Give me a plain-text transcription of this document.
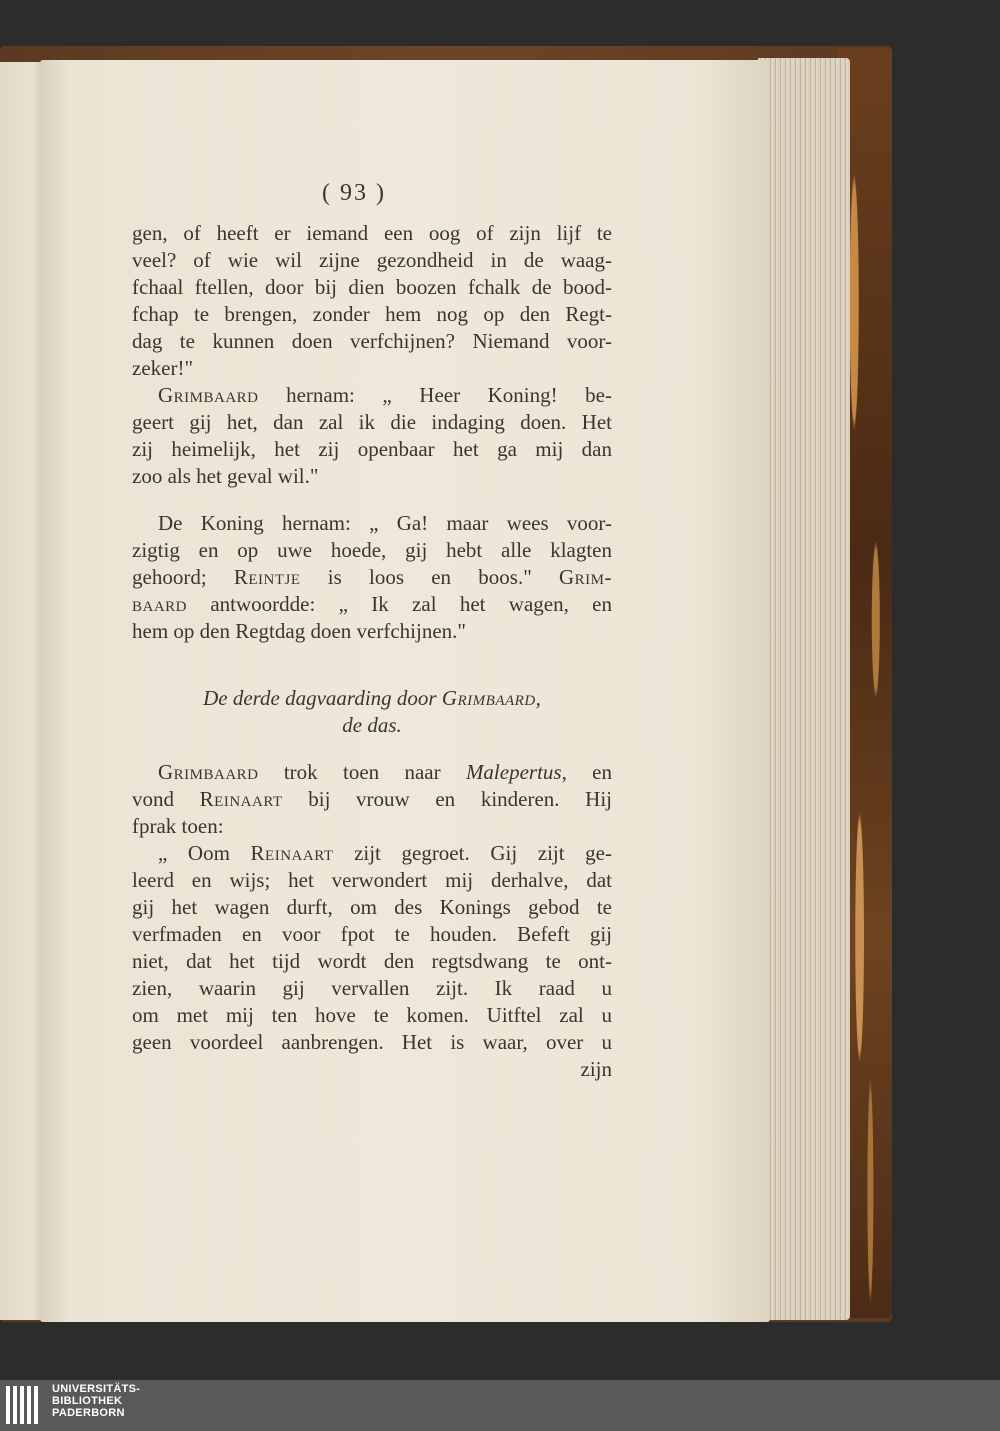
( 93 )
gen, of heeft er iemand een oog of zijn lijf te
veel? of wie wil zijne gezondheid in de waag-
fchaal ftellen, door bij dien boozen fchalk de bood-
fchap te brengen, zonder hem nog op den Regt-
dag te kunnen doen verfchijnen? Niemand voor-
zeker!"
Grimbaard hernam: „ Heer Koning! be-
geert gij het, dan zal ik die indaging doen. Het
zij heimelijk, het zij openbaar het ga mij dan
zoo als het geval wil."
De Koning hernam: „ Ga! maar wees voor-
zigtig en op uwe hoede, gij hebt alle klagten
gehoord; Reintje is loos en boos." Grim-
baard antwoordde: „ Ik zal het wagen, en
hem op den Regtdag doen verfchijnen."
De derde dagvaarding door Grimbaard,
de das.
Grimbaard trok toen naar Malepertus, en
vond Reinaart bij vrouw en kinderen. Hij
fprak toen:
„ Oom Reinaart zijt gegroet. Gij zijt ge-
leerd en wijs; het verwondert mij derhalve, dat
gij het wagen durft, om des Konings gebod te
verfmaden en voor fpot te houden. Befeft gij
niet, dat het tijd wordt den regtsdwang te ont-
zien, waarin gij vervallen zijt. Ik raad u
om met mij ten hove te komen. Uitftel zal u
geen voordeel aanbrengen. Het is waar, over u
zijn
UNIVERSITÄTS-
BIBLIOTHEK
PADERBORN
